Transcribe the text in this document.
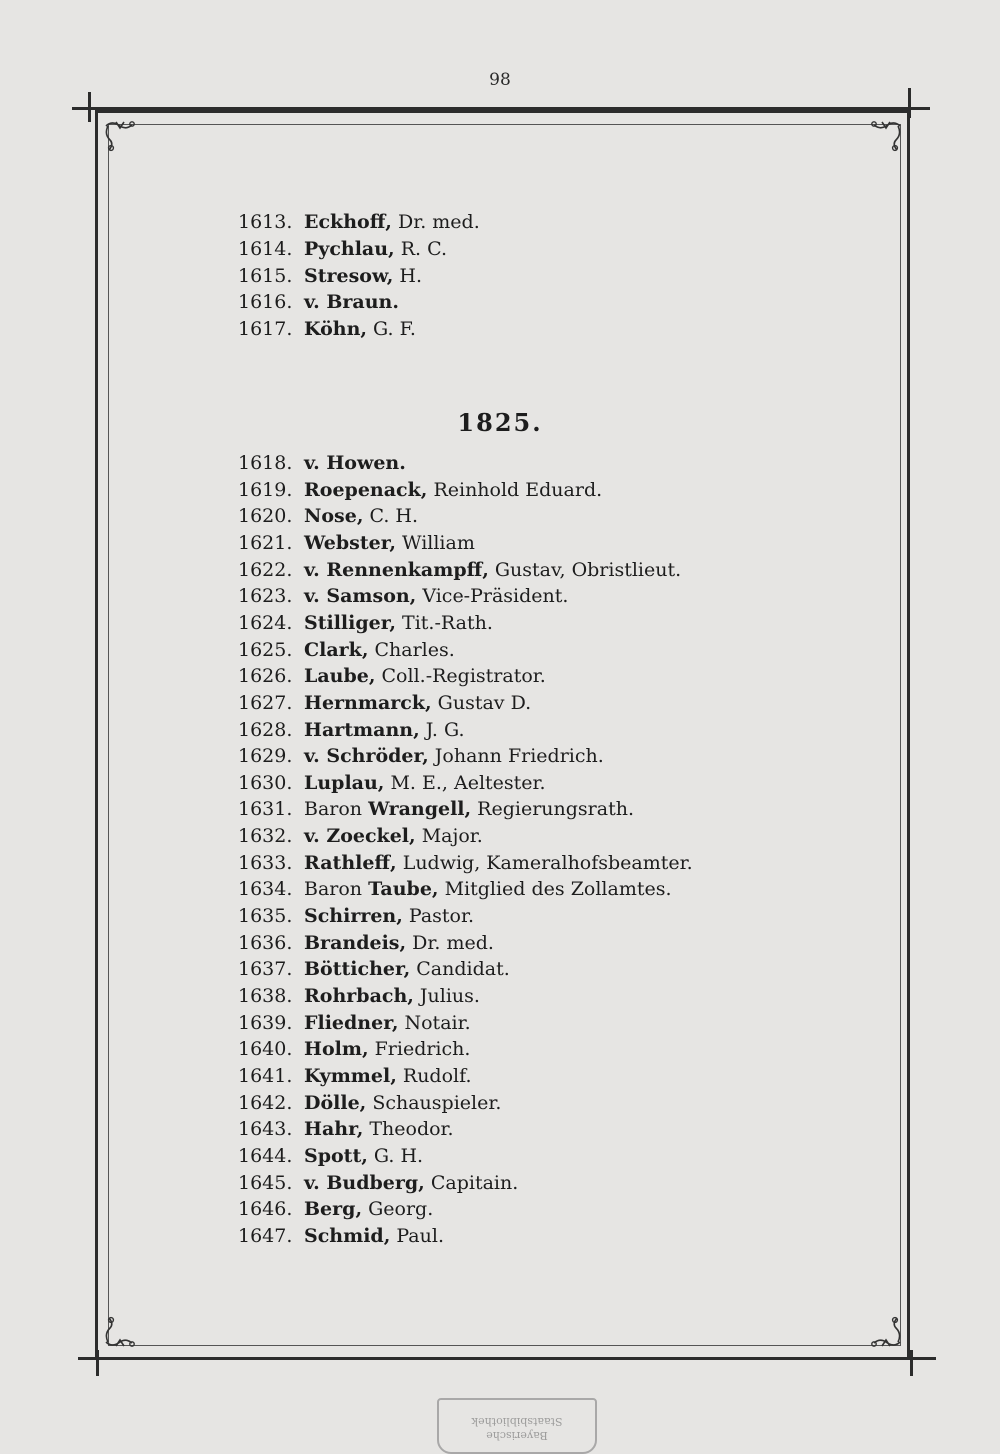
98
1825.
1613. Eckhoff, Dr. med.
1614. Pychlau, R. C.
1615. Stresow, H.
1616. v. Braun.
1617. Köhn, G. F.
1618. v. Howen.
1619. Roepenack, Reinhold Eduard.
1620. Nose, C. H.
1621. Webster, William
1622. v. Rennenkampff, Gustav, Obristlieut.
1623. v. Samson, Vice-Präsident.
1624. Stilliger, Tit.-Rath.
1625. Clark, Charles.
1626. Laube, Coll.-Registrator.
1627. Hernmarck, Gustav D.
1628. Hartmann, J. G.
1629. v. Schröder, Johann Friedrich.
1630. Luplau, M. E., Aeltester.
1631. Baron Wrangell, Regierungsrath.
1632. v. Zoeckel, Major.
1633. Rathleff, Ludwig, Kameralhofsbeamter.
1634. Baron Taube, Mitglied des Zollamtes.
1635. Schirren, Pastor.
1636. Brandeis, Dr. med.
1637. Bötticher, Candidat.
1638. Rohrbach, Julius.
1639. Fliedner, Notair.
1640. Holm, Friedrich.
1641. Kymmel, Rudolf.
1642. Dölle, Schauspieler.
1643. Hahr, Theodor.
1644. Spott, G. H.
1645. v. Budberg, Capitain.
1646. Berg, Georg.
1647. Schmid, Paul.
Bayerische Staatsbibliothek
